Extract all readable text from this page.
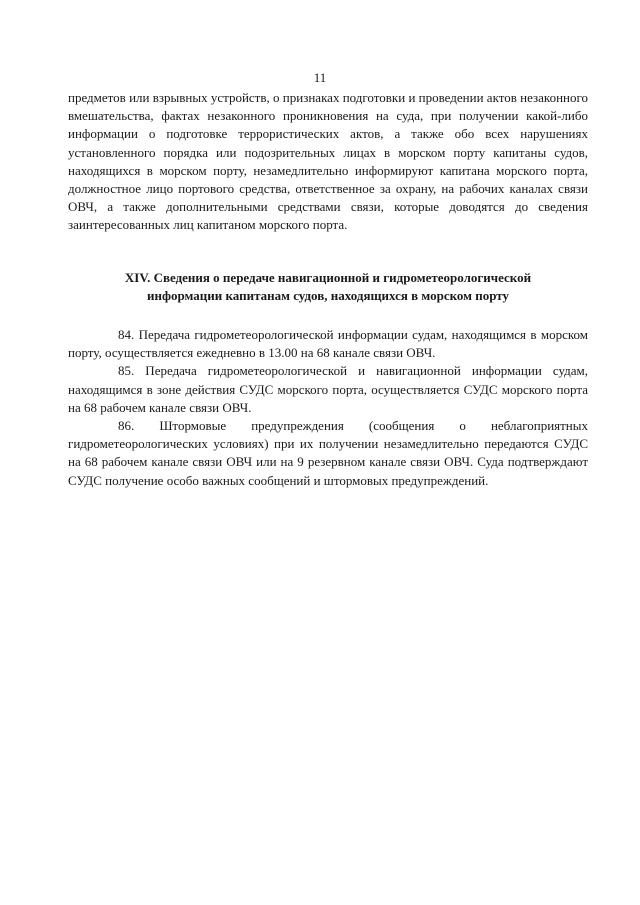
11

предметов или взрывных устройств, о признаках подготовки и проведении актов незаконного вмешательства, фактах незаконного проникновения на суда, при получении какой-либо информации о подготовке террористических актов, а также обо всех нарушениях установленного порядка или подозрительных лицах в морском порту капитаны судов, находящихся в морском порту, незамедлительно информируют капитана морского порта, должностное лицо портового средства, ответственное за охрану, на рабочих каналах связи ОВЧ, а также дополнительными средствами связи, которые доводятся до сведения заинтересованных лиц капитаном морского порта.

XIV. Сведения о передаче навигационной и гидрометеорологической
информации капитанам судов, находящихся в морском порту

84. Передача гидрометеорологической информации судам, находящимся в морском порту, осуществляется ежедневно в 13.00 на 68 канале связи ОВЧ.

85. Передача гидрометеорологической и навигационной информации судам, находящимся в зоне действия СУДС морского порта, осуществляется СУДС морского порта на 68 рабочем канале связи ОВЧ.

86. Штормовые предупреждения (сообщения о неблагоприятных гидрометеорологических условиях) при их получении незамедлительно передаются СУДС на 68 рабочем канале связи ОВЧ или на 9 резервном канале связи ОВЧ. Суда подтверждают СУДС получение особо важных сообщений и штормовых предупреждений.
